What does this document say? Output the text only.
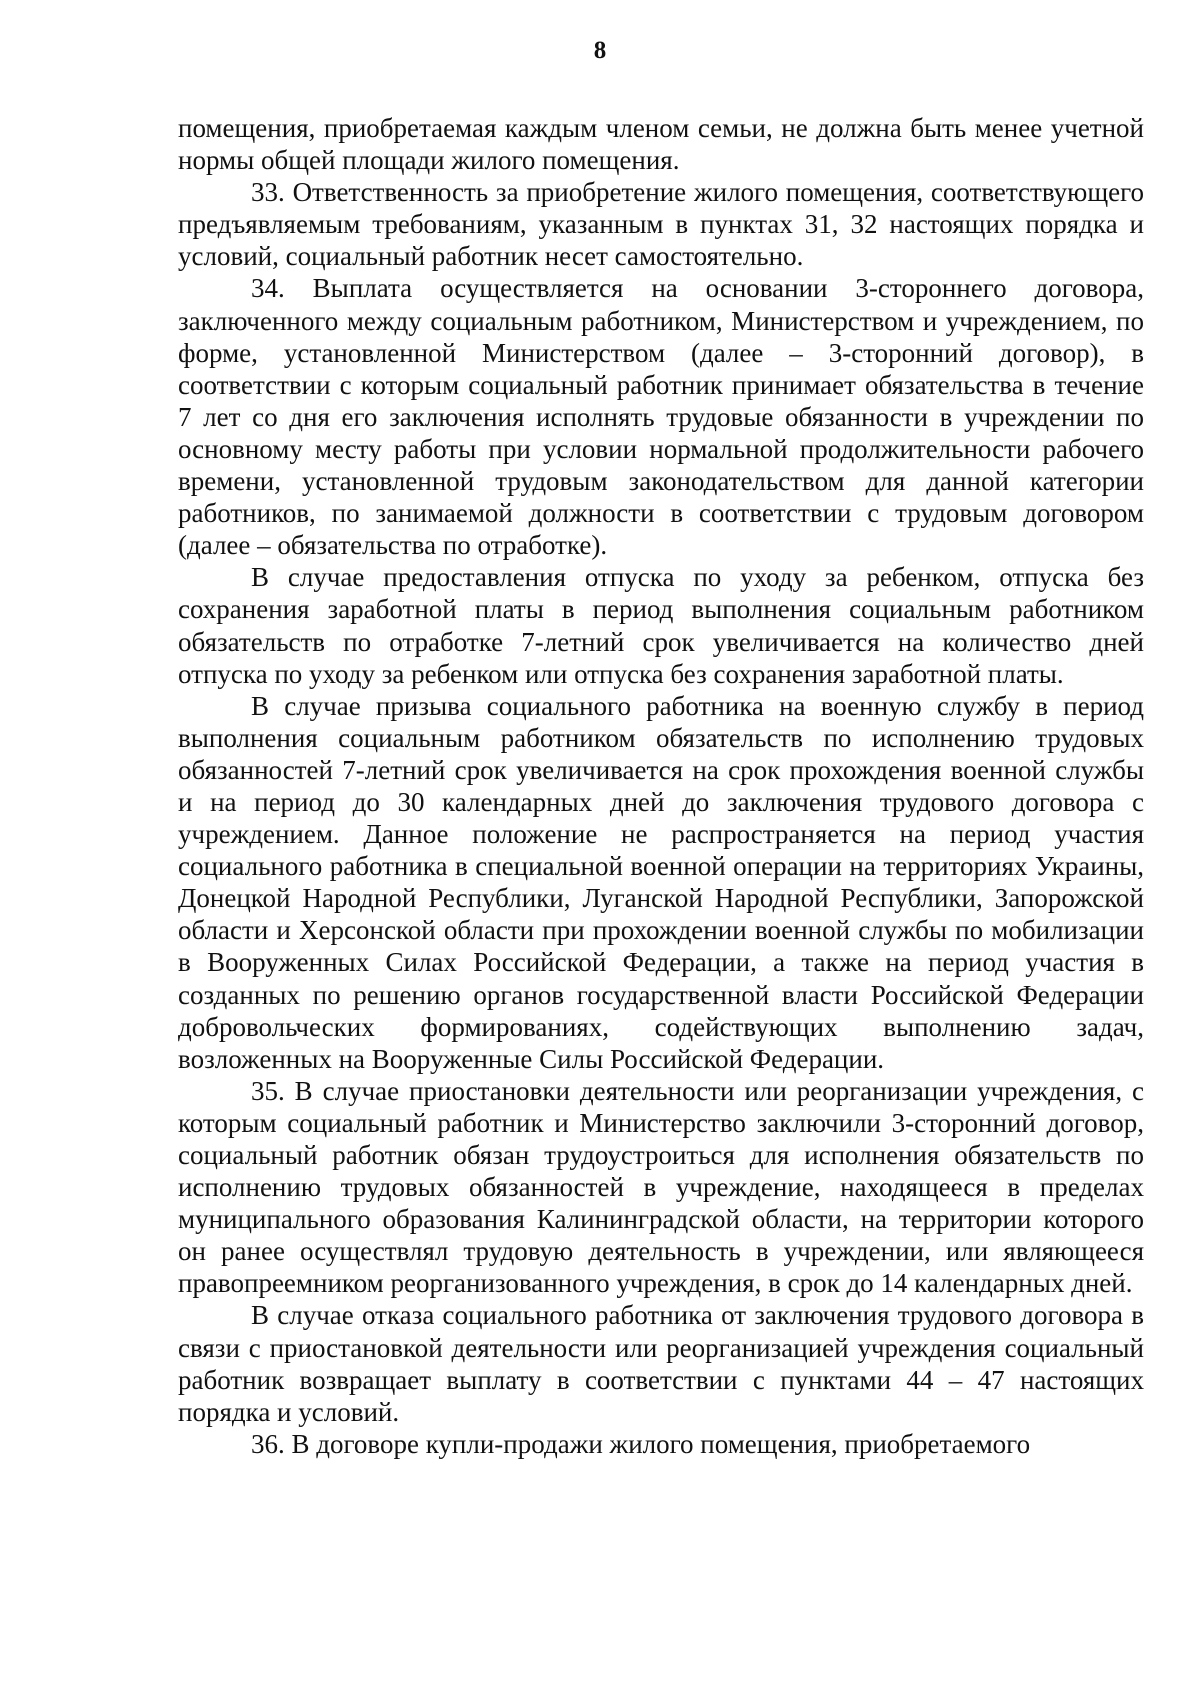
8

помещения, приобретаемая каждым членом семьи, не должна быть менее учетной нормы общей площади жилого помещения.

33. Ответственность за приобретение жилого помещения, соответствующего предъявляемым требованиям, указанным в пунктах 31, 32 настоящих порядка и условий, социальный работник несет самостоятельно.

34. Выплата осуществляется на основании 3-стороннего договора, заключенного между социальным работником, Министерством и учреждением, по форме, установленной Министерством (далее – 3-сторонний договор), в соответствии с которым социальный работник принимает обязательства в течение 7 лет со дня его заключения исполнять трудовые обязанности в учреждении по основному месту работы при условии нормальной продолжительности рабочего времени, установленной трудовым законодательством для данной категории работников, по занимаемой должности в соответствии с трудовым договором (далее – обязательства по отработке).

В случае предоставления отпуска по уходу за ребенком, отпуска без сохранения заработной платы в период выполнения социальным работником обязательств по отработке 7-летний срок увеличивается на количество дней отпуска по уходу за ребенком или отпуска без сохранения заработной платы.

В случае призыва социального работника на военную службу в период выполнения социальным работником обязательств по исполнению трудовых обязанностей 7-летний срок увеличивается на срок прохождения военной службы и на период до 30 календарных дней до заключения трудового договора с учреждением. Данное положение не распространяется на период участия социального работника в специальной военной операции на территориях Украины, Донецкой Народной Республики, Луганской Народной Республики, Запорожской области и Херсонской области при прохождении военной службы по мобилизации в Вооруженных Силах Российской Федерации, а также на период участия в созданных по решению органов государственной власти Российской Федерации добровольческих формированиях, содействующих выполнению задач, возложенных на Вооруженные Силы Российской Федерации.

35. В случае приостановки деятельности или реорганизации учреждения, с которым социальный работник и Министерство заключили 3-сторонний договор, социальный работник обязан трудоустроиться для исполнения обязательств по исполнению трудовых обязанностей в учреждение, находящееся в пределах муниципального образования Калининградской области, на территории которого он ранее осуществлял трудовую деятельность в учреждении, или являющееся правопреемником реорганизованного учреждения, в срок до 14 календарных дней.

В случае отказа социального работника от заключения трудового договора в связи с приостановкой деятельности или реорганизацией учреждения социальный работник возвращает выплату в соответствии с пунктами 44 – 47 настоящих порядка и условий.

36. В договоре купли-продажи жилого помещения, приобретаемого
